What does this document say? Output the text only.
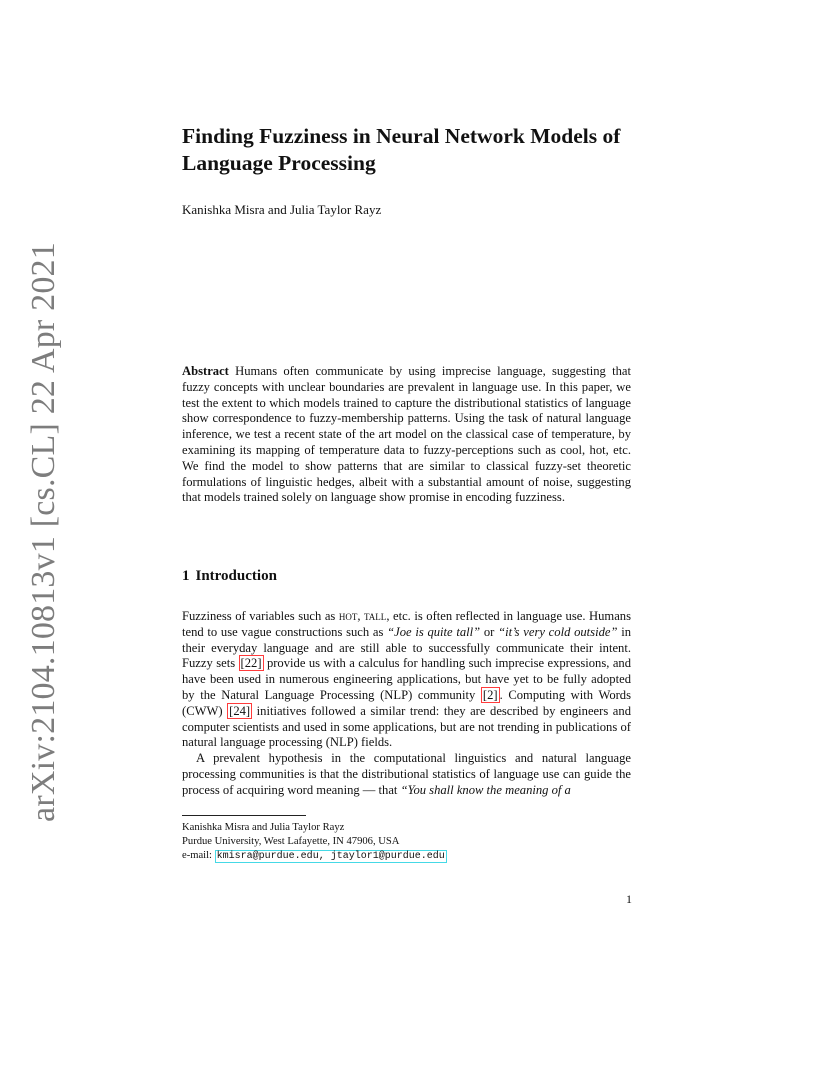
arXiv:2104.10813v1 [cs.CL] 22 Apr 2021
Finding Fuzziness in Neural Network Models of Language Processing
Kanishka Misra and Julia Taylor Rayz

Abstract Humans often communicate by using imprecise language, suggesting that fuzzy concepts with unclear boundaries are prevalent in language use. In this paper, we test the extent to which models trained to capture the distributional statistics of language show correspondence to fuzzy-membership patterns. Using the task of natural language inference, we test a recent state of the art model on the classical case of temperature, by examining its mapping of temperature data to fuzzy-perceptions such as cool, hot, etc. We find the model to show patterns that are similar to classical fuzzy-set theoretic formulations of linguistic hedges, albeit with a substantial amount of noise, suggesting that models trained solely on language show promise in encoding fuzziness.

1 Introduction

Fuzziness of variables such as hot, tall, etc. is often reflected in language use. Humans tend to use vague constructions such as “Joe is quite tall” or “it’s very cold outside” in their everyday language and are still able to successfully communicate their intent. Fuzzy sets [22] provide us with a calculus for handling such imprecise expressions, and have been used in numerous engineering applications, but have yet to be fully adopted by the Natural Language Processing (NLP) community [2] . Computing with Words (CWW) [24] initiatives followed a similar trend: they are described by engineers and computer scientists and used in some applications, but are not trending in publications of natural language processing (NLP) fields.

A prevalent hypothesis in the computational linguistics and natural language processing communities is that the distributional statistics of language use can guide the process of acquiring word meaning — that “You shall know the meaning of a

Kanishka Misra and Julia Taylor Rayz
Purdue University, West Lafayette, IN 47906, USA
e-mail: kmisra@purdue.edu, jtaylor1@purdue.edu
1
